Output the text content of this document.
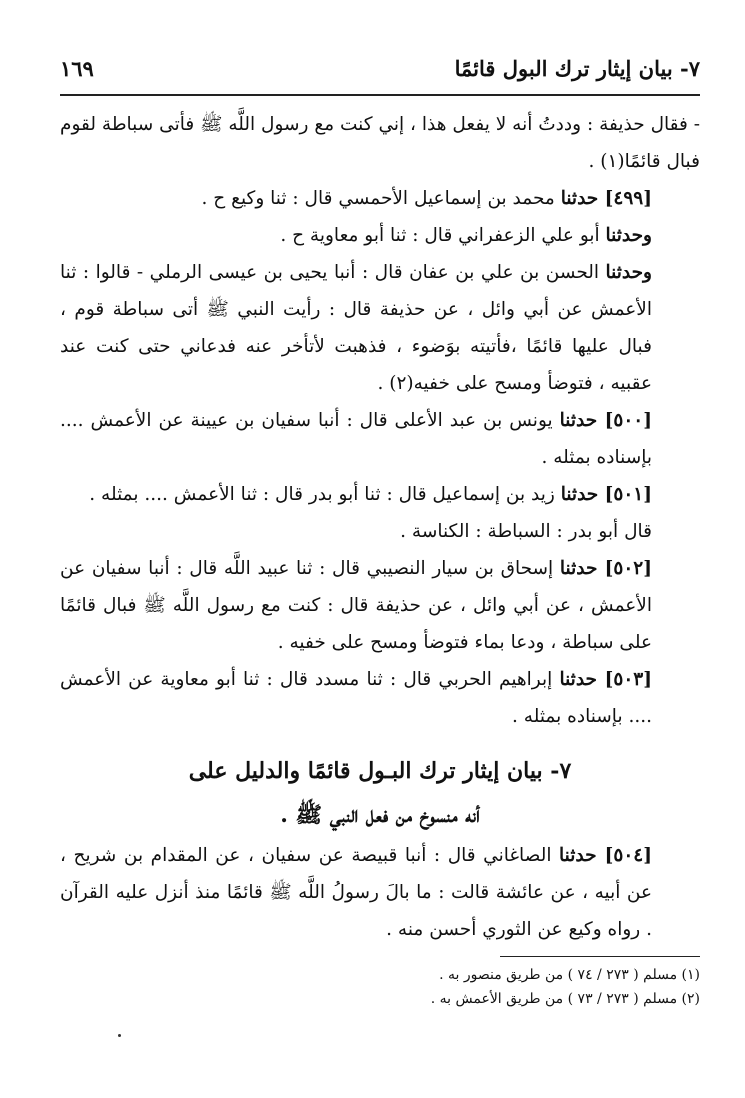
٧- بيان إيثار ترك البول قائمًا
١٦٩

- فقال حذيفة : وددتُ أنه لا يفعل هذا ، إني كنت مع رسول اللَّه ﷺ فأتى سباطة لقوم فبال قائمًا(١) .

[٤٩٩] حدثنا محمد بن إسماعيل الأحمسي قال : ثنا وكيع ح .

وحدثنا أبو علي الزعفراني قال : ثنا أبو معاوية ح .

وحدثنا الحسن بن علي بن عفان قال : أنبا يحيى بن عيسى الرملي - قالوا : ثنا الأعمش عن أبي وائل ، عن حذيفة قال : رأيت النبي ﷺ أتى سباطة قوم ، فبال عليها قائمًا ،فأتيته بوَضوء ، فذهبت لأتأخر عنه فدعاني حتى كنت عند عقبيه ، فتوضأ ومسح على خفيه(٢) .

[٥٠٠] حدثنا يونس بن عبد الأعلى قال : أنبا سفيان بن عيينة عن الأعمش .... بإسناده بمثله .

[٥٠١] حدثنا زيد بن إسماعيل قال : ثنا أبو بدر قال : ثنا الأعمش .... بمثله .

قال أبو بدر : السباطة : الكناسة .

[٥٠٢] حدثنا إسحاق بن سيار النصيبي قال : ثنا عبيد اللَّه قال : أنبا سفيان عن الأعمش ، عن أبي وائل ، عن حذيفة قال : كنت مع رسول اللَّه ﷺ فبال قائمًا على سباطة ، ودعا بماء فتوضأ ومسح على خفيه .

[٥٠٣] حدثنا إبراهيم الحربي قال : ثنا مسدد قال : ثنا أبو معاوية عن الأعمش .... بإسناده بمثله .

٧- بيان إيثار ترك البـول قائمًا والدليل على
أنه منسوخ من فعل النبي ﷺ .

[٥٠٤] حدثنا الصاغاني قال : أنبا قبيصة عن سفيان ، عن المقدام بن شريح ، عن أبيه ، عن عائشة قالت : ما بالَ رسولُ اللَّه ﷺ قائمًا منذ أنزل عليه القرآن . رواه وكيع عن الثوري أحسن منه .

(١) مسلم ( ٢٧٣ / ٧٤ ) من طريق منصور به .

(٢) مسلم ( ٢٧٣ / ٧٣ ) من طريق الأعمش به .
